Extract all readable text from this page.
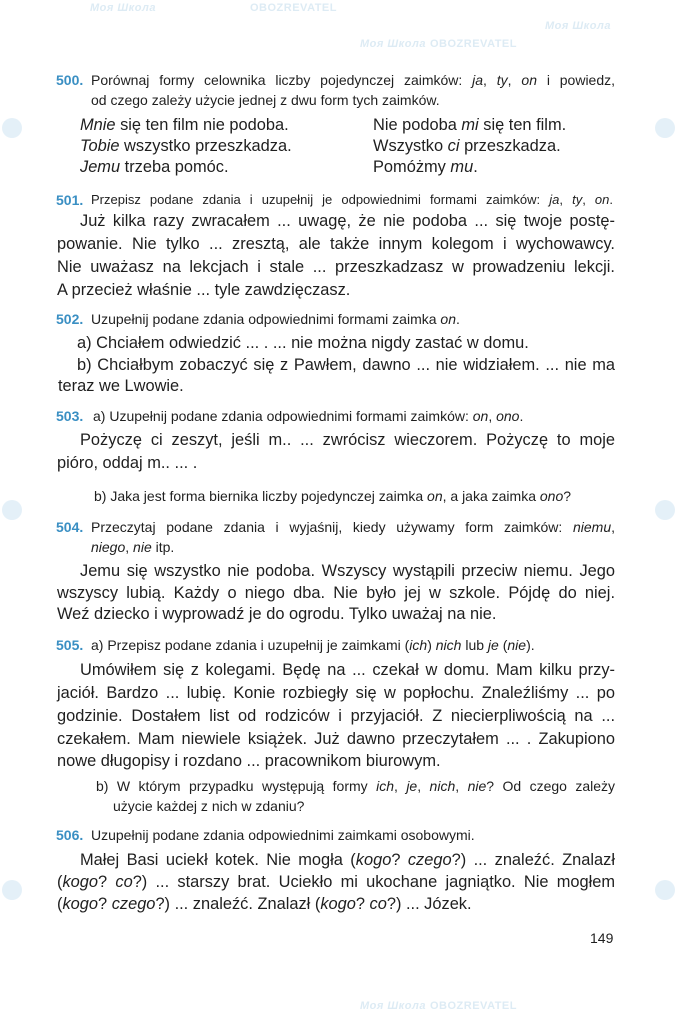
Моя Школа	OBOZREVATEL
Моя Школа OBOZREVATEL
Моя Школа
Моя Школа OBOZREVATEL
500. Porównaj formy celownika liczby pojedynczej zaimków: ja, ty, on i powiedz,
od czego zależy użycie jednej z dwu form tych zaimków.
Mnie się ten film nie podoba.
Tobie wszystko przeszkadza.
Jemu trzeba pomóc.
Nie podoba mi się ten film.
Wszystko ci przeszkadza.
Pomóżmy mu.
501. Przepisz podane zdania i uzupełnij je odpowiednimi formami zaimków: ja, ty, on.
Już kilka razy zwracałem ... uwagę, że nie podoba ... się twoje postę-
powanie. Nie tylko ... zresztą, ale także innym kolegom i wychowawcy.
Nie uważasz na lekcjach i stale ... przeszkadzasz w prowadzeniu lekcji.
A przecież właśnie ... tyle zawdzięczasz.
502. Uzupełnij podane zdania odpowiednimi formami zaimka on.
a) Chciałem odwiedzić ... . ... nie można nigdy zastać w domu.
b) Chciałbym zobaczyć się z Pawłem, dawno ... nie widziałem. ... nie ma
teraz we Lwowie.
503. a) Uzupełnij podane zdania odpowiednimi formami zaimków: on, ono.
Pożyczę ci zeszyt, jeśli m.. ... zwrócisz wieczorem. Pożyczę to moje
pióro, oddaj m.. ... .
b) Jaka jest forma biernika liczby pojedynczej zaimka on, a jaka zaimka ono?
504. Przeczytaj podane zdania i wyjaśnij, kiedy używamy form zaimków: niemu,
niego, nie itp.
Jemu się wszystko nie podoba. Wszyscy wystąpili przeciw niemu. Jego
wszyscy lubią. Każdy o niego dba. Nie było jej w szkole. Pójdę do niej.
Weź dziecko i wyprowadź je do ogrodu. Tylko uważaj na nie.
505. a) Przepisz podane zdania i uzupełnij je zaimkami (ich) nich lub je (nie).
Umówiłem się z kolegami. Będę na ... czekał w domu. Mam kilku przy-
jaciół. Bardzo ... lubię. Konie rozbiegły się w popłochu. Znaleźliśmy ... po
godzinie. Dostałem list od rodziców i przyjaciół. Z niecierpliwością na ...
czekałem. Mam niewiele książek. Już dawno przeczytałem ... . Zakupiono
nowe długopisy i rozdano ... pracownikom biurowym.
b) W którym przypadku występują formy ich, je, nich, nie? Od czego zależy
użycie każdej z nich w zdaniu?
506. Uzupełnij podane zdania odpowiednimi zaimkami osobowymi.
Małej Basi uciekł kotek. Nie mogła (kogo? czego?) ... znaleźć. Znalazł
(kogo? co?) ... starszy brat. Uciekło mi ukochane jagniątko. Nie mogłem
(kogo? czego?) ... znaleźć. Znalazł (kogo? co?) ... Józek.
149
